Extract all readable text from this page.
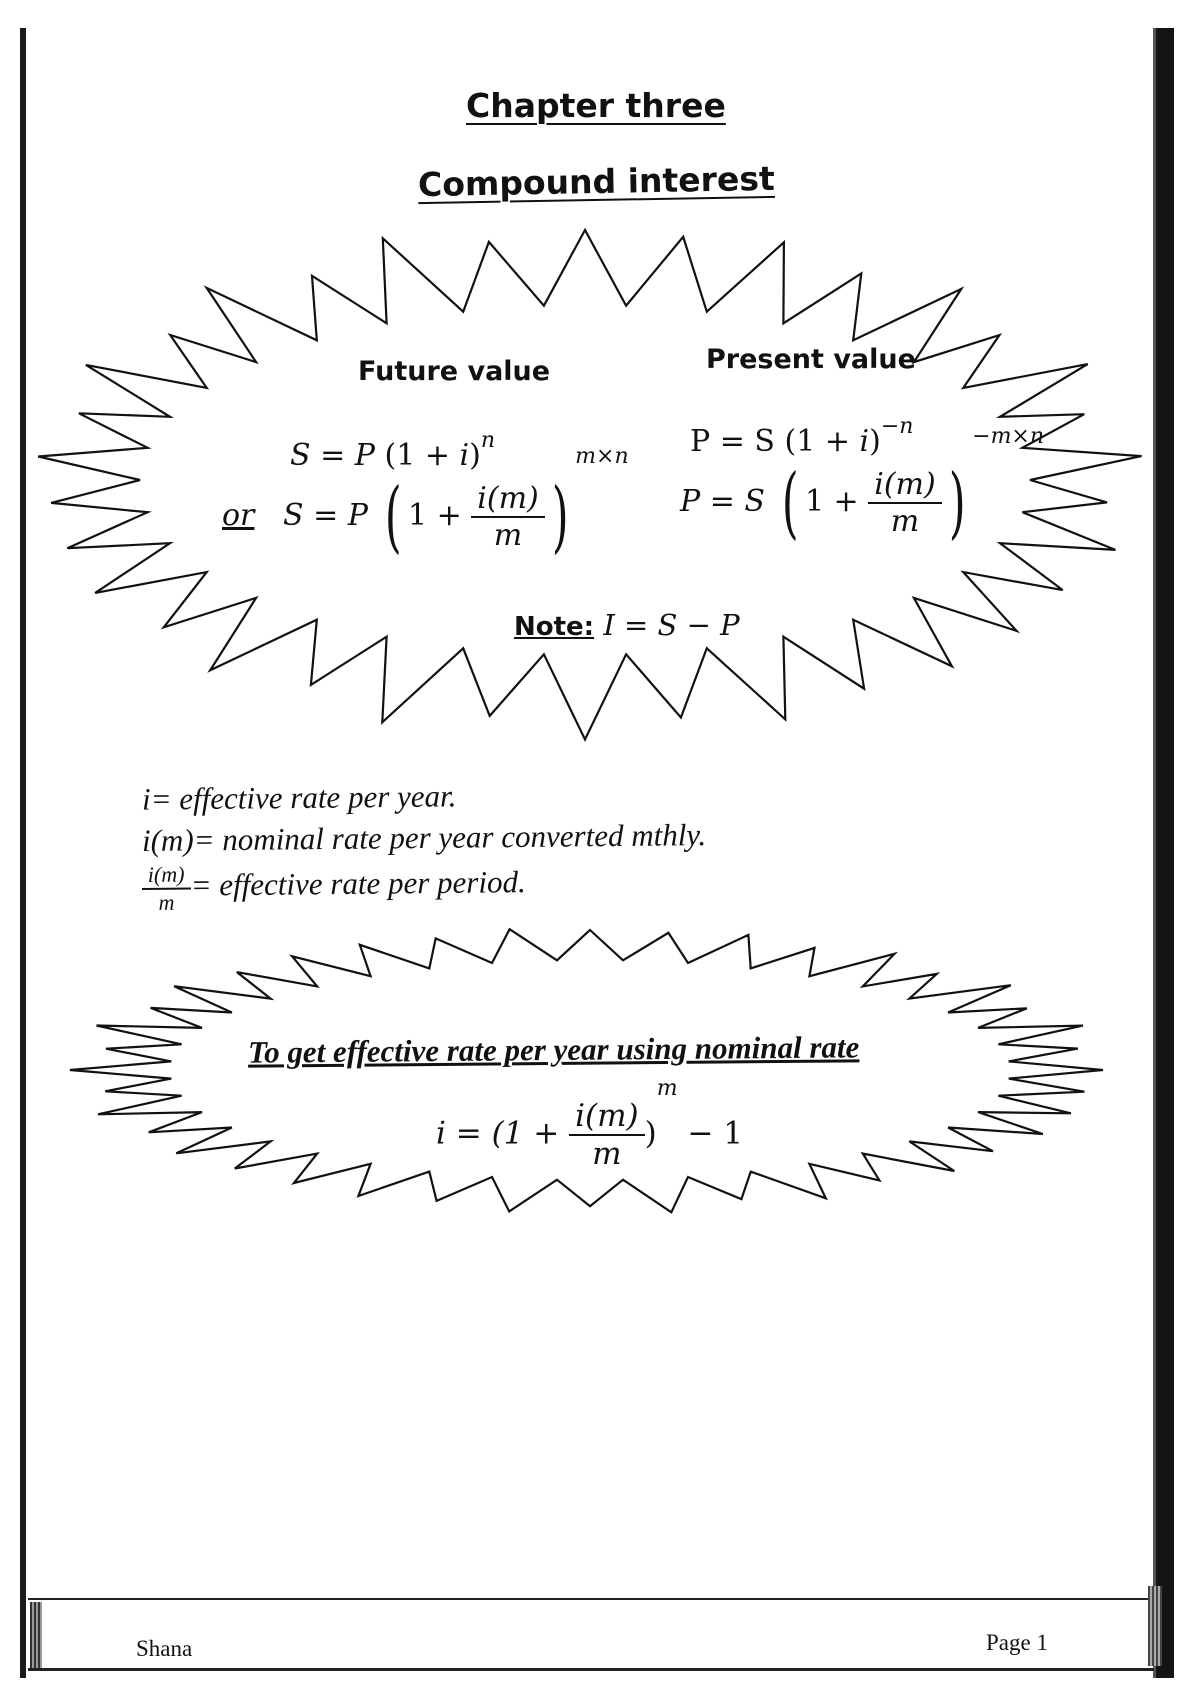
Chapter three
Compound interest
Future value	Present value
S = P $(1 + i)^n$
or S = P ( $1 + \frac{i(m)}{m} )^{m\times n}$ P = S $(1 + i)^{-n}$
P = S ( $1 + \frac{i(m)}{m} )^{-m\times n}$
Note: I = S − P
i= effective rate per year.
i(m)= nominal rate per year converted mthly.
$\frac{i(m)}{m}$ = effective rate per period.
To get effective rate per year using nominal rate
$i = (1 + \frac{i(m)}{m} )^m - 1$
Shana	Page 1
